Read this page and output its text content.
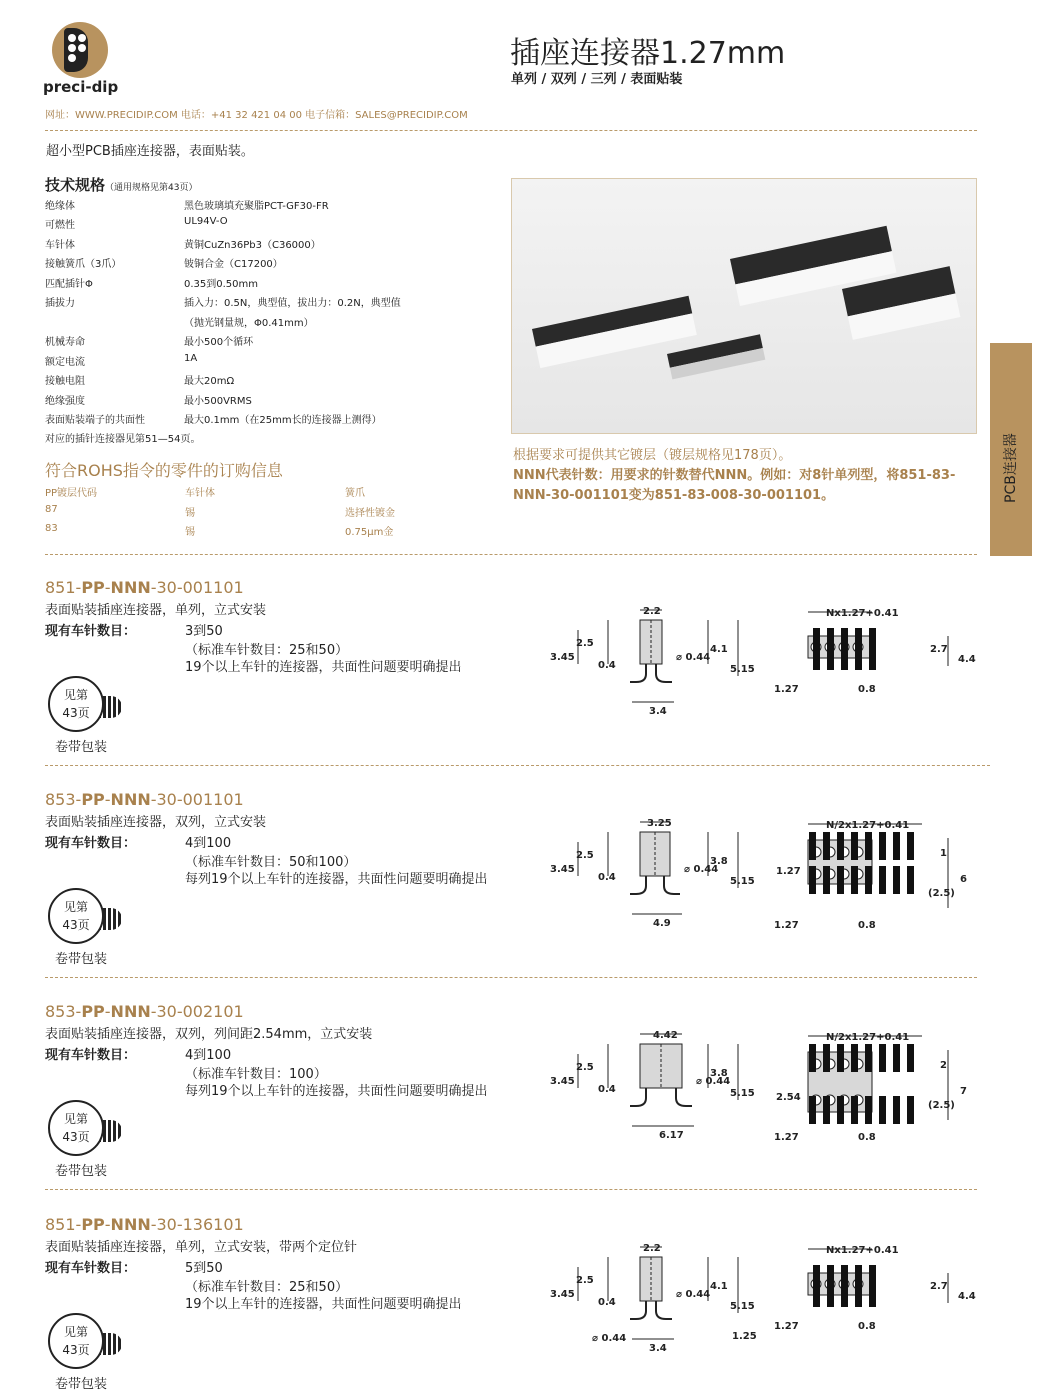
preci-dip
网址：WWW.PRECIDIP.COM 电话：+41 32 421 04 00 电子信箱：SALES@PRECIDIP.COM
插座连接器1.27mm
单列 / 双列 / 三列 / 表面贴装
超小型PCB插座连接器，表面贴装。
技术规格（通用规格见第43页）
绝缘体	黑色玻璃填充聚脂PCT-GF30-FR
可燃性	UL94V-O
车针体	黄铜CuZn36Pb3（C36000）
接触簧爪（3爪）	铍铜合金（C17200）
匹配插针Φ	0.35到0.50mm
插拔力	插入力：0.5N，典型值，拔出力：0.2N，典型值
（抛光钢量规，Φ0.41mm）
机械寿命	最小500个循环
额定电流	1A
接触电阻	最大20mΩ
绝缘强度	最小500VRMS
表面贴装端子的共面性	最大0.1mm（在25mm长的连接器上测得）
对应的插针连接器见第51—54页。
根据要求可提供其它镀层（镀层规格见178页）。
NNN代表针数：用要求的针数替代NNN。例如：对8针单列型，将851-83-NNN-30-001101变为851-83-008-30-001101。
符合ROHS指令的零件的订购信息
PP镀层代码	车针体	簧爪
87	锡	选择性镀金
83	锡	0.75μm金
PCB连接器
851-PP-NNN-30-001101
表面贴装插座连接器，单列，立式安装
现有车针数目：	3到50
（标准车针数目：25和50）
19个以上车针的连接器，共面性问题要明确提出
见第
43页
卷带包装
2.2
2.5
3.45
0.4
⌀ 0.44
4.1
5.15
3.4
Nx1.27+0.41
2.7
4.4
1.27	0.8
853-PP-NNN-30-001101
表面贴装插座连接器，双列，立式安装
现有车针数目：	4到100
（标准车针数目：50和100）
每列19个以上车针的连接器，共面性问题要明确提出
见第
43页
卷带包装
3.25
2.5
3.45
0.4
⌀ 0.44
3.8
5.15
4.9
N/2x1.27+0.41
1
6
1.27	0.8
(2.5)
1.27
853-PP-NNN-30-002101
表面贴装插座连接器，双列，列间距2.54mm，立式安装
现有车针数目：	4到100
（标准车针数目：100）
每列19个以上车针的连接器，共面性问题要明确提出
见第
43页
卷带包装
4.42
2.5
3.45
0.4
⌀ 0.44
3.8
5.15
6.17
N/2x1.27+0.41
2
7
1.27	0.8
(2.5)
2.54
851-PP-NNN-30-136101
表面贴装插座连接器，单列，立式安装，带两个定位针
现有车针数目：	5到50
（标准车针数目：25和50）
19个以上车针的连接器，共面性问题要明确提出
见第
43页
卷带包装
2.2
2.5
3.45
0.4
⌀ 0.44
4.1
5.15
3.4
⌀ 0.44	1.25
Nx1.27+0.41
2.7
4.4
1.27	0.8
